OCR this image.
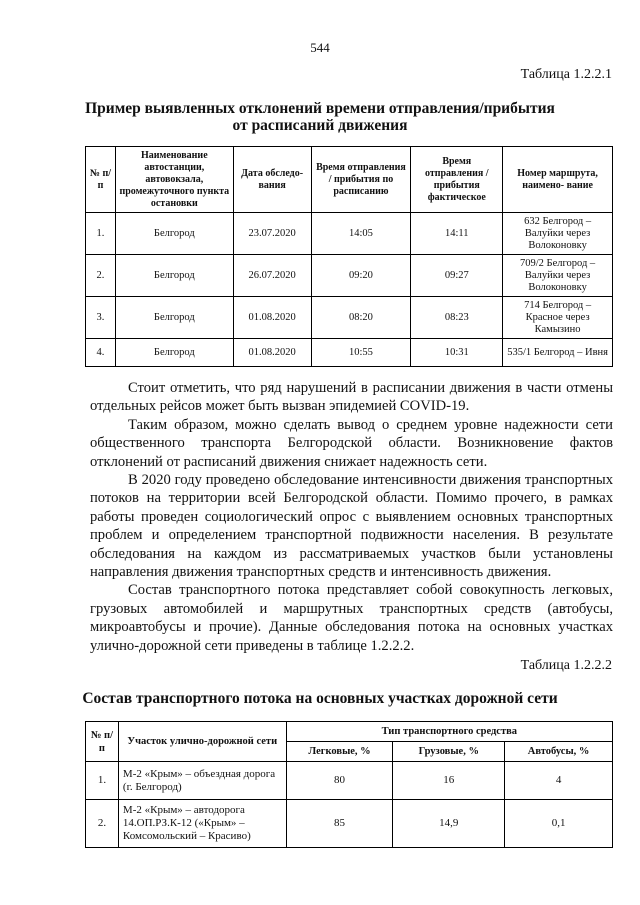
544
Таблица 1.2.2.1
Пример выявленных отклонений времени отправления/прибытия
от расписаний движения
№ п/п	Наименование автостанции, автовокзала, промежуточного пункта остановки	Дата обследо- вания	Время отправления / прибытия по расписанию	Время отправления / прибытия фактическое	Номер маршрута, наимено- вание
1.	Белгород	23.07.2020	14:05	14:11	632 Белгород – Валуйки через Волоконовку
2.	Белгород	26.07.2020	09:20	09:27	709/2 Белгород – Валуйки через Волоконовку
3.	Белгород	01.08.2020	08:20	08:23	714 Белгород – Красное через Камызино
4.	Белгород	01.08.2020	10:55	10:31	535/1 Белгород – Ивня

Стоит отметить, что ряд нарушений в расписании движения в части отмены отдельных рейсов может быть вызван эпидемией COVID-19.

Таким образом, можно сделать вывод о среднем уровне надежности сети общественного транспорта Белгородской области. Возникновение фактов отклонений от расписаний движения снижает надежность сети.

В 2020 году проведено обследование интенсивности движения транспортных потоков на территории всей Белгородской области. Помимо прочего, в рамках работы проведен социологический опрос с выявлением основных транспортных проблем и определением транспортной подвижности населения. В результате обследования на каждом из рассматриваемых участков были установлены направления движения транспортных средств и интенсивность движения.

Состав транспортного потока представляет собой совокупность легковых, грузовых автомобилей и маршрутных транспортных средств (автобусы, микроавтобусы и прочие). Данные обследования потока на основных участках улично-дорожной сети приведены в таблице 1.2.2.2.

Таблица 1.2.2.2
Состав транспортного потока на основных участках дорожной сети
№ п/п	Участок улично-дорожной сети	Тип транспортного средства		
		Легковые, %	Грузовые, %	Автобусы, %
1.	М-2 «Крым» – объездная дорога (г. Белгород)	80	16	4
2.	М-2 «Крым» – автодорога 14.ОП.РЗ.К-12 («Крым» – Комсомольский – Красиво)	85	14,9	0,1
